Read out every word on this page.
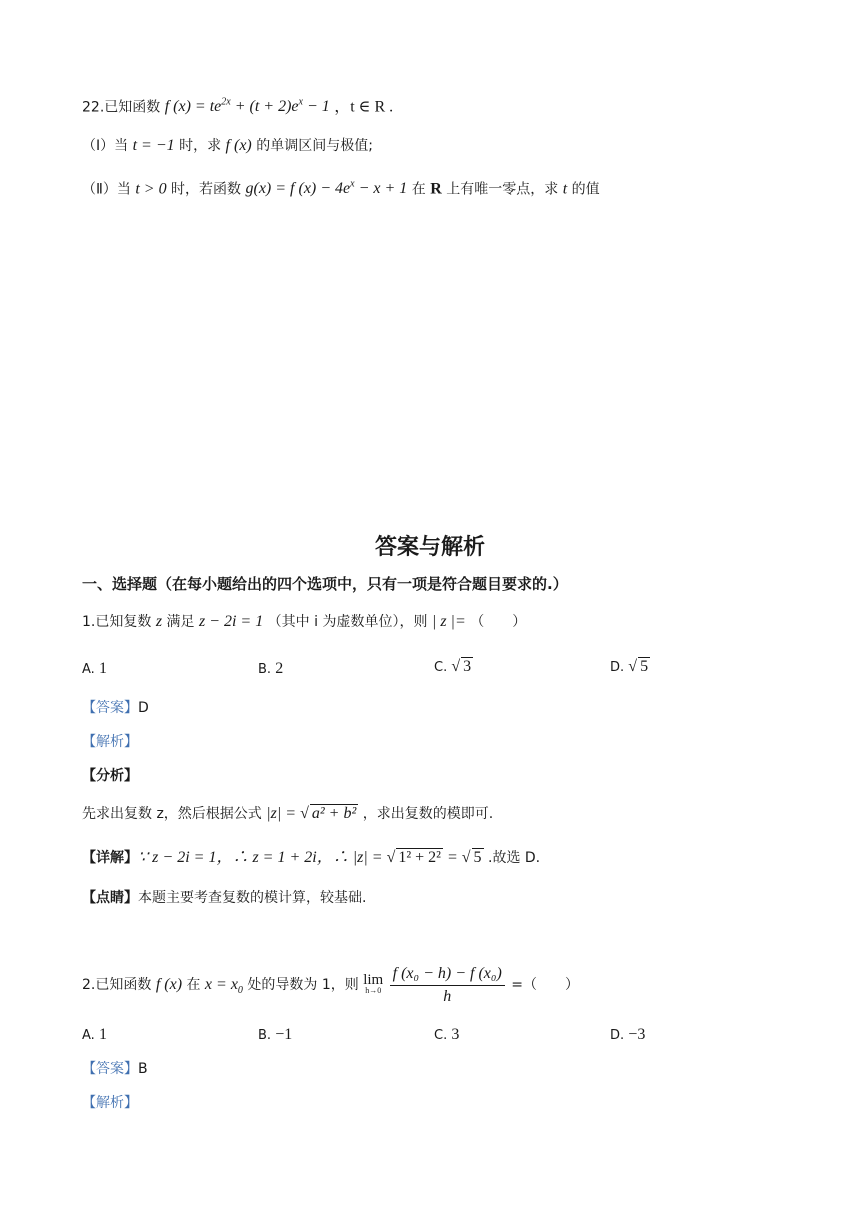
22.已知函数 f $(x) = te^{2x} + (t + 2)e^x - 1$ ，t ∈ R .
（Ⅰ）当 t = −1 时，求 f (x) 的单调区间与极值;
（Ⅱ）当 t > 0 时，若函数 g(x) = f $(x) - 4e^x - x + 1$ 在 R 上有唯一零点，求 t 的值
答案与解析
一、选择题（在每小题给出的四个选项中，只有一项是符合题目要求的.）
1.已知复数 z 满足 z − 2i = 1 （其中 i 为虚数单位），则 | z |= （　　）
A. 1	B. 2	C. √ 3	D. √ 5
【答案】D
【解析】
【分析】
先求出复数 z，然后根据公式 |z| = √ a² + b² ，求出复数的模即可.
【详解】∵ z − 2i = 1，∴ z = 1 + 2i，∴ |z| = √ 1² + 2² = √ 5 .故选 D.
【点睛】本题主要考查复数的模计算，较基础.
2.已知函数 f (x) 在 $x = x_0$ 处的导数为 1，则 lim
h→0
$\frac{\text{f (x₀ − h) − f (x₀)}}{h}$ =（　　）
A. 1	B. −1	C. 3	D. −3
【答案】B
【解析】
